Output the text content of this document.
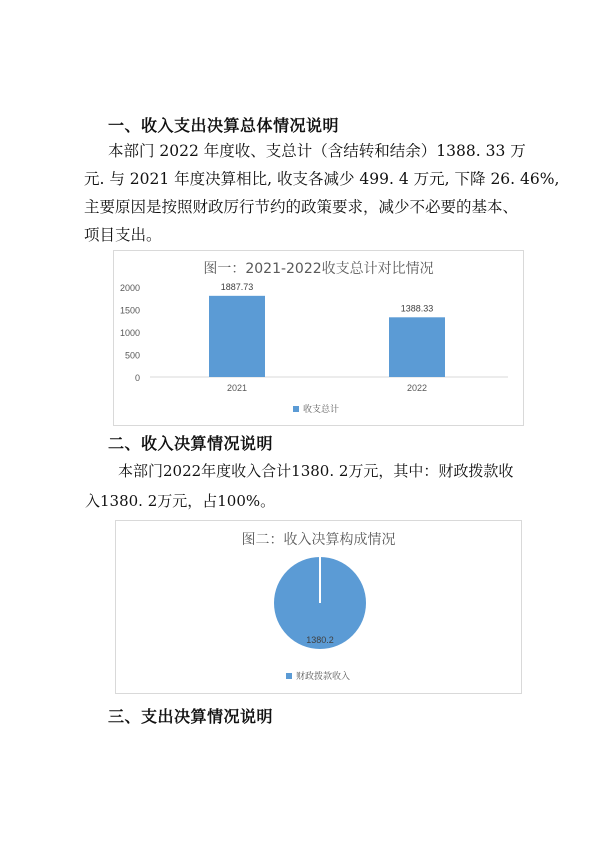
一、收入支出决算总体情况说明
本部门 2022 年度收、支总计（含结转和结余）1388. 33 万
元. 与 2021 年度决算相比, 收支各减少 499. 4 万元, 下降 26. 46%,
主要原因是按照财政厉行节约的政策要求，减少不必要的基本、
项目支出。
图一：2021-2022收支总计对比情况
0
500
1000
1500
2000	1887.73
1388.33
2021	2022
收支总计
二、收入决算情况说明
本部门2022年度收入合计1380. 2万元，其中：财政拨款收
入1380. 2万元，占100%。
图二：收入决算构成情况
1380.2
财政拨款收入
三、支出决算情况说明
